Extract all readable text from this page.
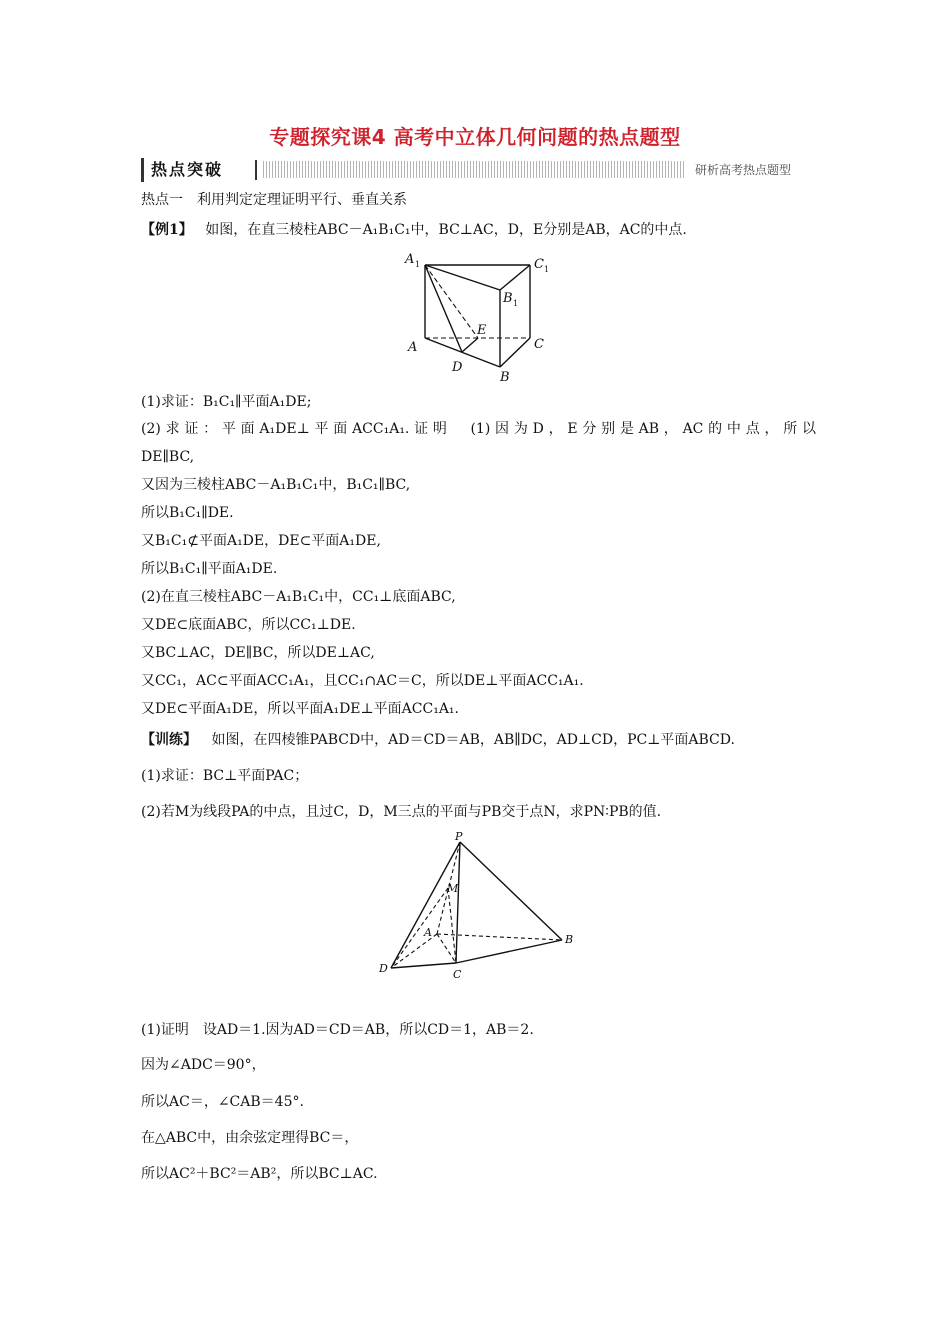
专题探究课4 高考中立体几何问题的热点题型
热点突破	研析高考热点题型
热点一　利用判定定理证明平行、垂直关系
【例1】 如图，在直三棱柱ABC－A₁B₁C₁中，BC⊥AC，D，E分别是AB，AC的中点.
A 1	C 1
B 1
E
A	C
D
B
(1)求证：B₁C₁∥平面A₁DE;
(2)求证：平面A₁DE⊥平面ACC₁A₁.证明　(1)因为D，E分别是AB，AC的中点，所以
DE∥BC,
又因为三棱柱ABC－A₁B₁C₁中，B₁C₁∥BC,
所以B₁C₁∥DE.
又B₁C₁⊄平面A₁DE，DE⊂平面A₁DE,
所以B₁C₁∥平面A₁DE.
(2)在直三棱柱ABC－A₁B₁C₁中，CC₁⊥底面ABC,
又DE⊂底面ABC，所以CC₁⊥DE.
又BC⊥AC，DE∥BC，所以DE⊥AC,
又CC₁，AC⊂平面ACC₁A₁，且CC₁∩AC＝C，所以DE⊥平面ACC₁A₁.
又DE⊂平面A₁DE，所以平面A₁DE⊥平面ACC₁A₁.
【训练】 如图，在四棱锥PABCD中，AD＝CD＝AB，AB∥DC，AD⊥CD，PC⊥平面ABCD.
(1)求证：BC⊥平面PAC；
(2)若M为线段PA的中点，且过C，D，M三点的平面与PB交于点N，求PN∶PB的值.
P
M
A
B
D	C
(1)证明　设AD＝1.因为AD＝CD＝AB，所以CD＝1，AB＝2.
因为∠ADC＝90°，
所以AC＝，∠CAB＝45°.
在△ABC中，由余弦定理得BC＝，
所以AC²＋BC²＝AB²，所以BC⊥AC.
